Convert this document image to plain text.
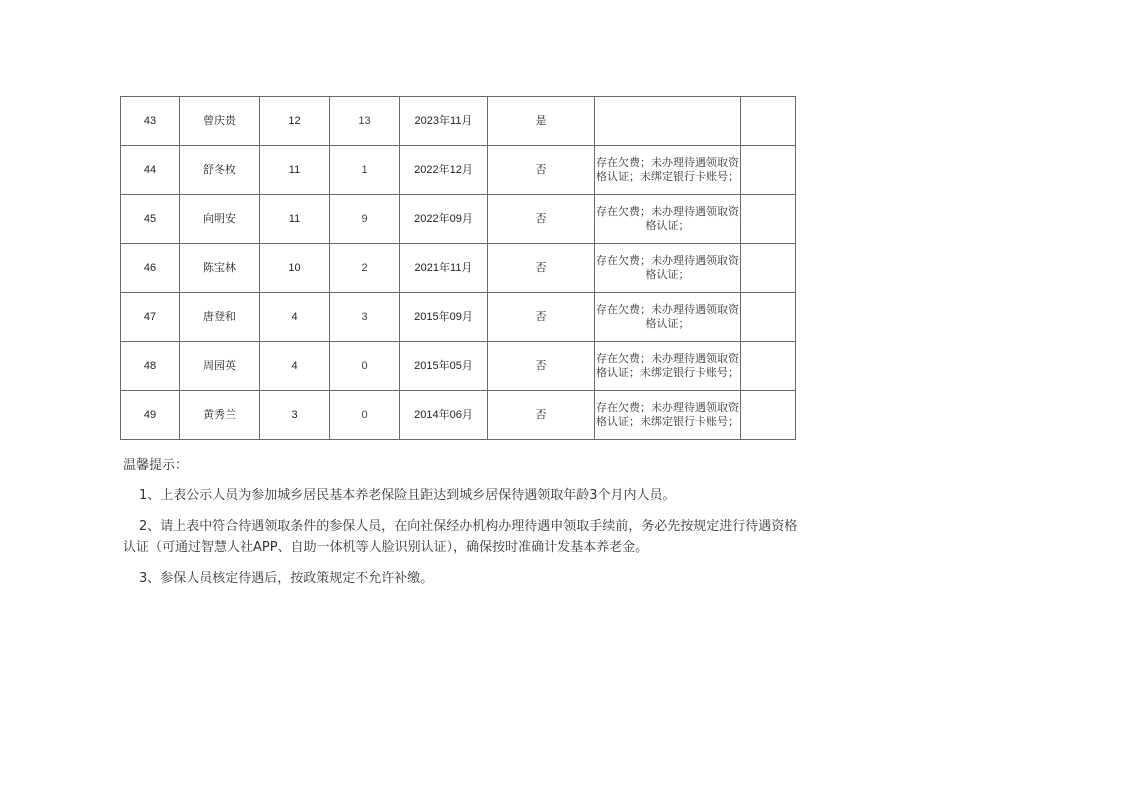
43	曾庆贵	12	13	2023年11月	是		
44	舒冬枚	11	1	2022年12月	否	存在欠费；未办理待遇领取资格认证；未绑定银行卡账号；	
45	向明安	11	9	2022年09月	否	存在欠费；未办理待遇领取资格认证；	
46	陈宝林	10	2	2021年11月	否	存在欠费；未办理待遇领取资格认证；	
47	唐登和	4	3	2015年09月	否	存在欠费；未办理待遇领取资格认证；	
48	周园英	4	0	2015年05月	否	存在欠费；未办理待遇领取资格认证；未绑定银行卡账号；	
49	黄秀兰	3	0	2014年06月	否	存在欠费；未办理待遇领取资格认证；未绑定银行卡账号；	
温馨提示：
1、上表公示人员为参加城乡居民基本养老保险且距达到城乡居保待遇领取年龄3个月内人员。
2、请上表中符合待遇领取条件的参保人员，在向社保经办机构办理待遇申领取手续前，务必先按规定进行待遇资格认证（可通过智慧人社APP、自助一体机等人脸识别认证），确保按时准确计发基本养老金。
3、参保人员核定待遇后，按政策规定不允许补缴。
